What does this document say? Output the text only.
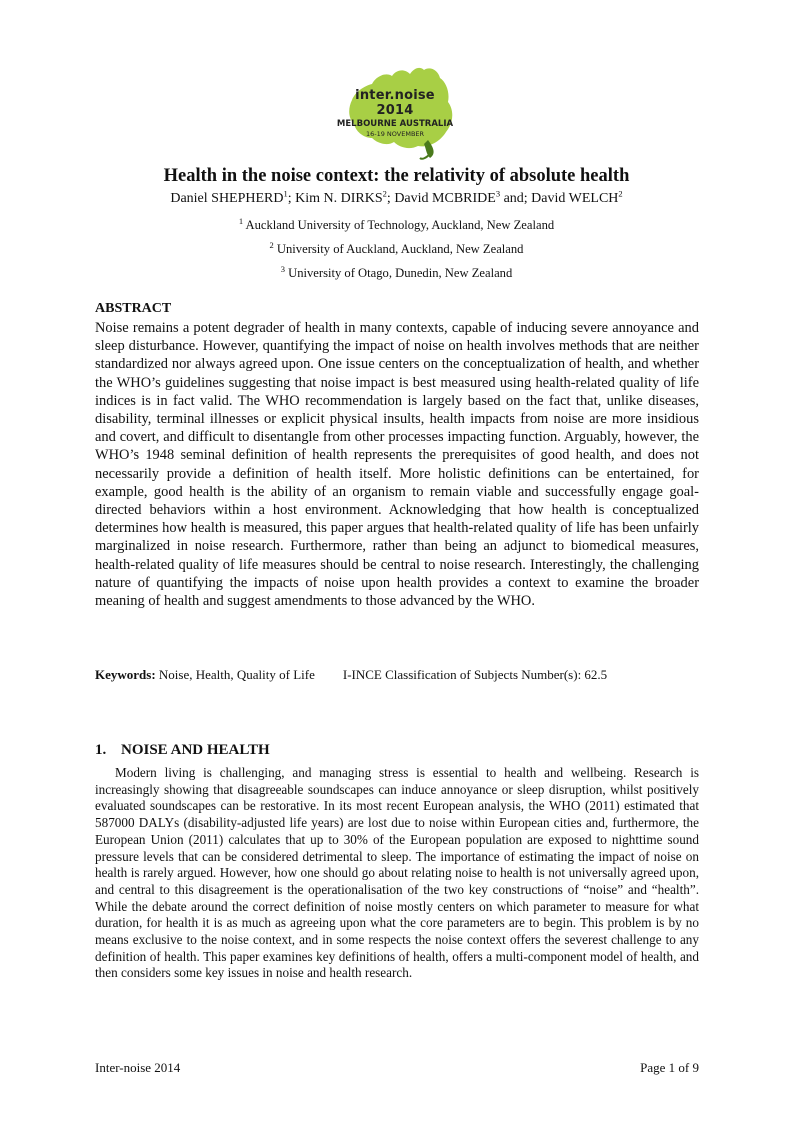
inter.noise 2014
MELBOURNE AUSTRALIA
16-19 NOVEMBER
Health in the noise context: the relativity of absolute health
Daniel SHEPHERD$^1$; Kim N. DIRKS$^2$; David MCBRIDE$^3$ and; David WELCH$^2$
$^1$ Auckland University of Technology, Auckland, New Zealand
$^2$ University of Auckland, Auckland, New Zealand
$^3$ University of Otago, Dunedin, New Zealand
ABSTRACT
Noise remains a potent degrader of health in many contexts, capable of inducing severe annoyance and sleep disturbance. However, quantifying the impact of noise on health involves methods that are neither standardized nor always agreed upon. One issue centers on the conceptualization of health, and whether the WHO’s guidelines suggesting that noise impact is best measured using health-related quality of life indices is in fact valid. The WHO recommendation is largely based on the fact that, unlike diseases, disability, terminal illnesses or explicit physical insults, health impacts from noise are more insidious and covert, and difficult to disentangle from other processes impacting function. Arguably, however, the WHO’s 1948 seminal definition of health represents the prerequisites of good health, and does not necessarily provide a definition of health itself. More holistic definitions can be entertained, for example, good health is the ability of an organism to remain viable and successfully engage goal-directed behaviors within a host environment. Acknowledging that how health is conceptualized determines how health is measured, this paper argues that health-related quality of life has been unfairly marginalized in noise research. Furthermore, rather than being an adjunct to biomedical measures, health-related quality of life measures should be central to noise research. Interestingly, the challenging nature of quantifying the impacts of noise upon health provides a context to examine the broader meaning of health and suggest amendments to those advanced by the WHO.
Keywords: Noise, Health, Quality of Life I-INCE Classification of Subjects Number(s): 62.5
1. NOISE AND HEALTH
Modern living is challenging, and managing stress is essential to health and wellbeing. Research is increasingly showing that disagreeable soundscapes can induce annoyance or sleep disruption, whilst positively evaluated soundscapes can be restorative. In its most recent European analysis, the WHO (2011) estimated that 587000 DALYs (disability-adjusted life years) are lost due to noise within European cities and, furthermore, the European Union (2011) calculates that up to 30% of the European population are exposed to nighttime sound pressure levels that can be considered detrimental to sleep. The importance of estimating the impact of noise on health is rarely argued. However, how one should go about relating noise to health is not universally agreed upon, and central to this disagreement is the operationalisation of the two key constructions of “noise” and “health”. While the debate around the correct definition of noise mostly centers on which parameter to measure for what duration, for health it is as much as agreeing upon what the core parameters are to begin. This problem is by no means exclusive to the noise context, and in some respects the noise context offers the severest challenge to any definition of health. This paper examines key definitions of health, offers a multi-component model of health, and then considers some key issues in noise and health research.
Inter-noise 2014	Page 1 of 9
